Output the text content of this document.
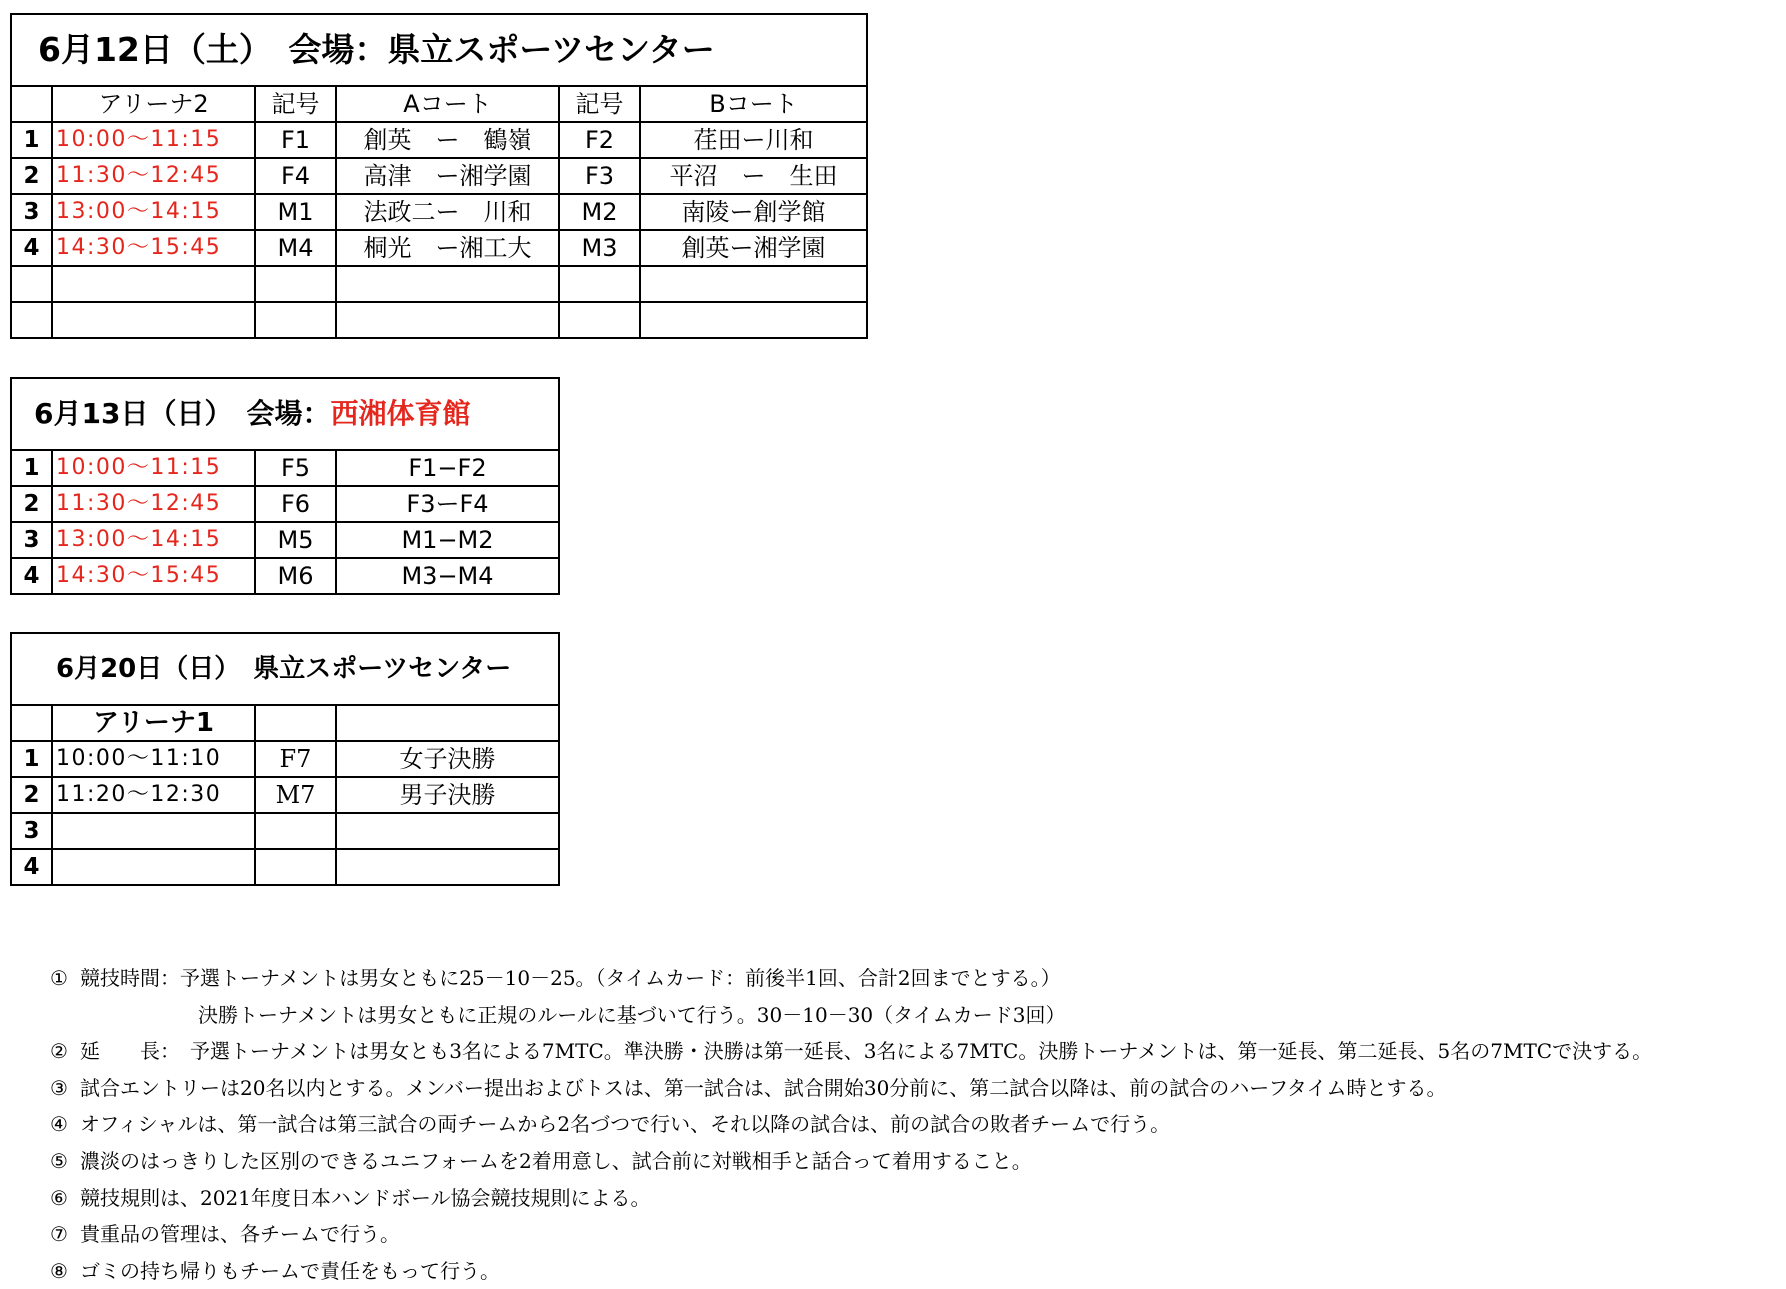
6月12日（土）　 会場：県立スポーツセンター					
	アリーナ2	記号	Aコート	記号	Bコート
1	10:00～11:15	F1	創英　ー　鶴嶺	F2	荏田ー川和
2	11:30～12:45	F4	高津　ー湘学園	F3	平沼　ー　生田
3	13:00～14:15	M1	法政二ー　川和	M2	南陵ー創学館
4	14:30～15:45	M4	桐光　ー湘工大	M3	創英ー湘学園

6月13日（日）　 会場：西湘体育館			
1	10:00～11:15	F5	F1−F2
2	11:30～12:45	F6	F3ーF4
3	13:00～14:15	M5	M1−M2
4	14:30～15:45	M6	M3−M4
6月20日（日）　 県立スポーツセンター			
	アリーナ1		
1	10:00～11:10	F7	女子決勝
2	11:20～12:30	M7	男子決勝
3			
4			
① 競技時間：予選トーナメントは男女ともに25－10－25。（タイムカード：前後半1回、合計2回までとする。）
決勝トーナメントは男女ともに正規のルールに基づいて行う。30－10－30（タイムカード3回）
② 延　　長：　予選トーナメントは男女とも3名による7MTC。準決勝・決勝は第一延長、3名による7MTC。決勝トーナメントは、第一延長、第二延長、5名の7MTCで決する。
③ 試合エントリーは20名以内とする。メンバー提出およびトスは、第一試合は、試合開始30分前に、第二試合以降は、前の試合のハーフタイム時とする。
④ オフィシャルは、第一試合は第三試合の両チームから2名づつで行い、それ以降の試合は、前の試合の敗者チームで行う。
⑤ 濃淡のはっきりした区別のできるユニフォームを2着用意し、試合前に対戦相手と話合って着用すること。
⑥ 競技規則は、2021年度日本ハンドボール協会競技規則による。
⑦ 貴重品の管理は、各チームで行う。
⑧ ゴミの持ち帰りもチームで責任をもって行う。
